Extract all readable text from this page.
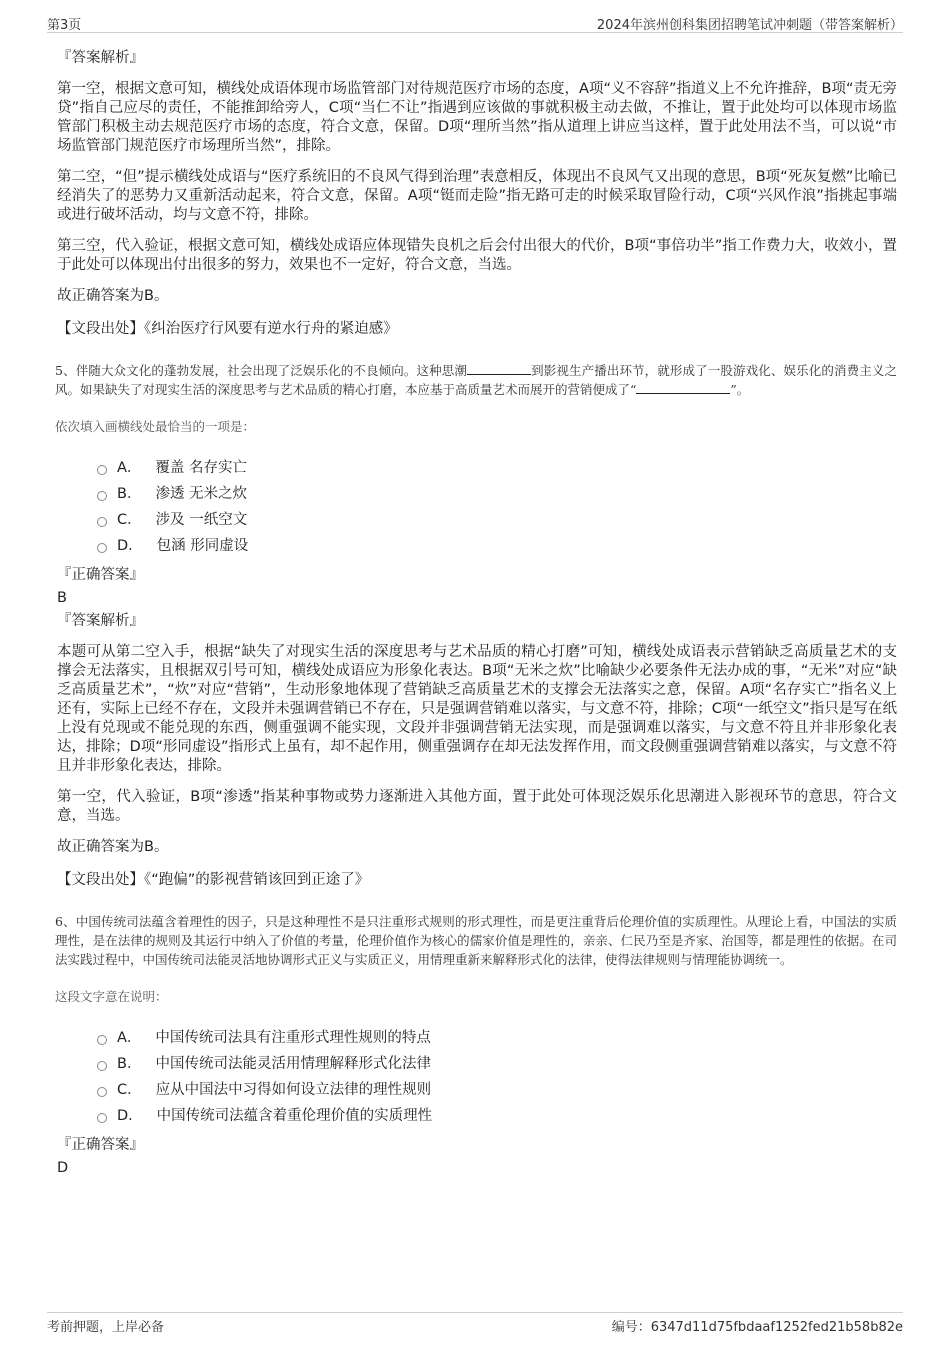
第3页	2024年滨州创科集团招聘笔试冲刺题（带答案解析）
『答案解析』
第一空，根据文意可知，横线处成语体现市场监管部门对待规范医疗市场的态度，A项“义不容辞”指道义上不允许推辞，B项“责无旁贷”指自己应尽的责任，不能推卸给旁人，C项“当仁不让”指遇到应该做的事就积极主动去做，不推让，置于此处均可以体现市场监管部门积极主动去规范医疗市场的态度，符合文意，保留。D项“理所当然”指从道理上讲应当这样，置于此处用法不当，可以说“市场监管部门规范医疗市场理所当然”，排除。
第二空，“但”提示横线处成语与“医疗系统旧的不良风气得到治理”表意相反，体现出不良风气又出现的意思，B项“死灰复燃”比喻已经消失了的恶势力又重新活动起来，符合文意，保留。A项“铤而走险”指无路可走的时候采取冒险行动，C项“兴风作浪”指挑起事端或进行破坏活动，均与文意不符，排除。
第三空，代入验证，根据文意可知，横线处成语应体现错失良机之后会付出很大的代价，B项“事倍功半”指工作费力大，收效小，置于此处可以体现出付出很多的努力，效果也不一定好，符合文意，当选。
故正确答案为B。
【文段出处】《纠治医疗行风要有逆水行舟的紧迫感》
5、伴随大众文化的蓬勃发展，社会出现了泛娱乐化的不良倾向。这种思潮	到影视生产播出环节，就形成了一股游戏化、娱乐化的消费主义之风。如果缺失了对现实生活的深度思考与艺术品质的精心打磨，本应基于高质量艺术而展开的营销便成了“	”。
依次填入画横线处最恰当的一项是：
A． 覆盖 名存实亡
B． 渗透 无米之炊
C． 涉及 一纸空文
D． 包涵 形同虚设
『正确答案』
B
『答案解析』
本题可从第二空入手，根据“缺失了对现实生活的深度思考与艺术品质的精心打磨”可知，横线处成语表示营销缺乏高质量艺术的支撑会无法落实，且根据双引号可知，横线处成语应为形象化表达。B项“无米之炊”比喻缺少必要条件无法办成的事，“无米”对应“缺乏高质量艺术”，“炊”对应“营销”，生动形象地体现了营销缺乏高质量艺术的支撑会无法落实之意，保留。A项“名存实亡”指名义上还有，实际上已经不存在，文段并未强调营销已不存在，只是强调营销难以落实，与文意不符，排除；C项“一纸空文”指只是写在纸上没有兑现或不能兑现的东西，侧重强调不能实现，文段并非强调营销无法实现，而是强调难以落实，与文意不符且并非形象化表达，排除；D项“形同虚设”指形式上虽有，却不起作用，侧重强调存在却无法发挥作用，而文段侧重强调营销难以落实，与文意不符且并非形象化表达，排除。
第一空，代入验证，B项“渗透”指某种事物或势力逐渐进入其他方面，置于此处可体现泛娱乐化思潮进入影视环节的意思，符合文意，当选。
故正确答案为B。
【文段出处】《“跑偏”的影视营销该回到正途了》
6、中国传统司法蕴含着理性的因子，只是这种理性不是只注重形式规则的形式理性，而是更注重背后伦理价值的实质理性。从理论上看，中国法的实质理性，是在法律的规则及其运行中纳入了价值的考量，伦理价值作为核心的儒家价值是理性的，亲亲、仁民乃至是齐家、治国等，都是理性的依据。在司法实践过程中，中国传统司法能灵活地协调形式正义与实质正义，用情理重新来解释形式化的法律，使得法律规则与情理能协调统一。
这段文字意在说明：
A． 中国传统司法具有注重形式理性规则的特点
B． 中国传统司法能灵活用情理解释形式化法律
C． 应从中国法中习得如何设立法律的理性规则
D． 中国传统司法蕴含着重伦理价值的实质理性
『正确答案』
D
考前押题，上岸必备	编号：6347d11d75fbdaaf1252fed21b58b82e
